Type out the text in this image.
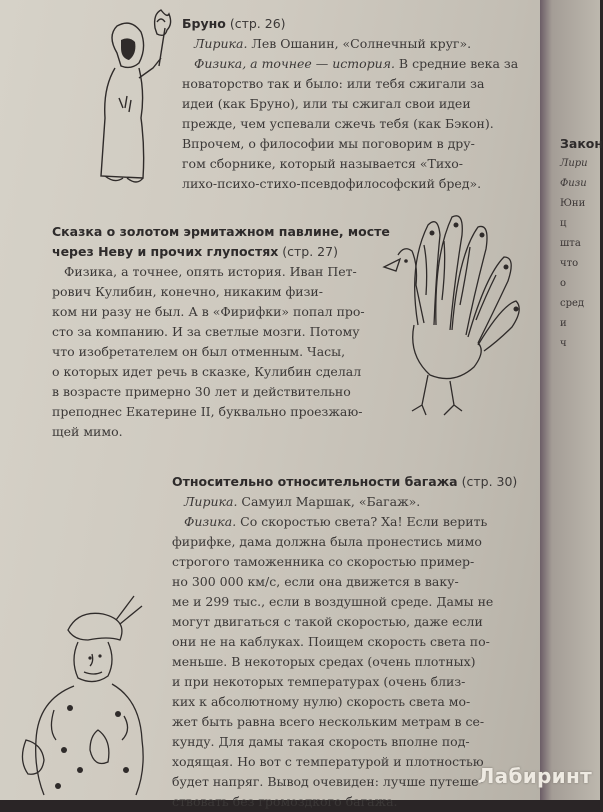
Бруно (стр. 26)
Лирика. Лев Ошанин, «Солнечный круг».
Физика, а точнее — история. В средние века за
новаторство так и было: или тебя сжигали за
идеи (как Бруно), или ты сжигал свои идеи
прежде, чем успевали сжечь тебя (как Бэкон).
Впрочем, о философии мы поговорим в дру-
гом сборнике, который называется «Тихо-
лихо-психо-стихо-псевдофилософский бред».
Сказка о золотом эрмитажном павлине, мосте
через Неву и прочих глупостях (стр. 27)
Физика, а точнее, опять история. Иван Пет-
рович Кулибин, конечно, никаким физи-
ком ни разу не был. А в «Фирифки» попал про-
сто за компанию. И за светлые мозги. Потому
что изобретателем он был отменным. Часы,
о которых идет речь в сказке, Кулибин сделал
в возрасте примерно 30 лет и действительно
преподнес Екатерине II, буквально проезжаю-
щей мимо.
Относительно относительности багажа (стр. 30)
Лирика. Самуил Маршак, «Багаж».
Физика. Со скоростью света? Ха! Если верить
фирифке, дама должна была пронестись мимо
строгого таможенника со скоростью пример-
но 300 000 км/с, если она движется в ваку-
ме и 299 тыс., если в воздушной среде. Дамы не
могут двигаться с такой скоростью, даже если
они не на каблуках. Поищем скорость света по-
меньше. В некоторых средах (очень плотных)
и при некоторых температурах (очень близ-
ких к абсолютному нулю) скорость света мо-
жет быть равна всего нескольким метрам в се-
кунду. Для дамы такая скорость вполне под-
ходящая. Но вот с температурой и плотностью
будет напряг. Вывод очевиден: лучше путеше-
ствовать без громоздкого багажа.
Закон
Лири
Физи
Юни
ц
шта
что
о
сред
и
ч
Лабиринт
